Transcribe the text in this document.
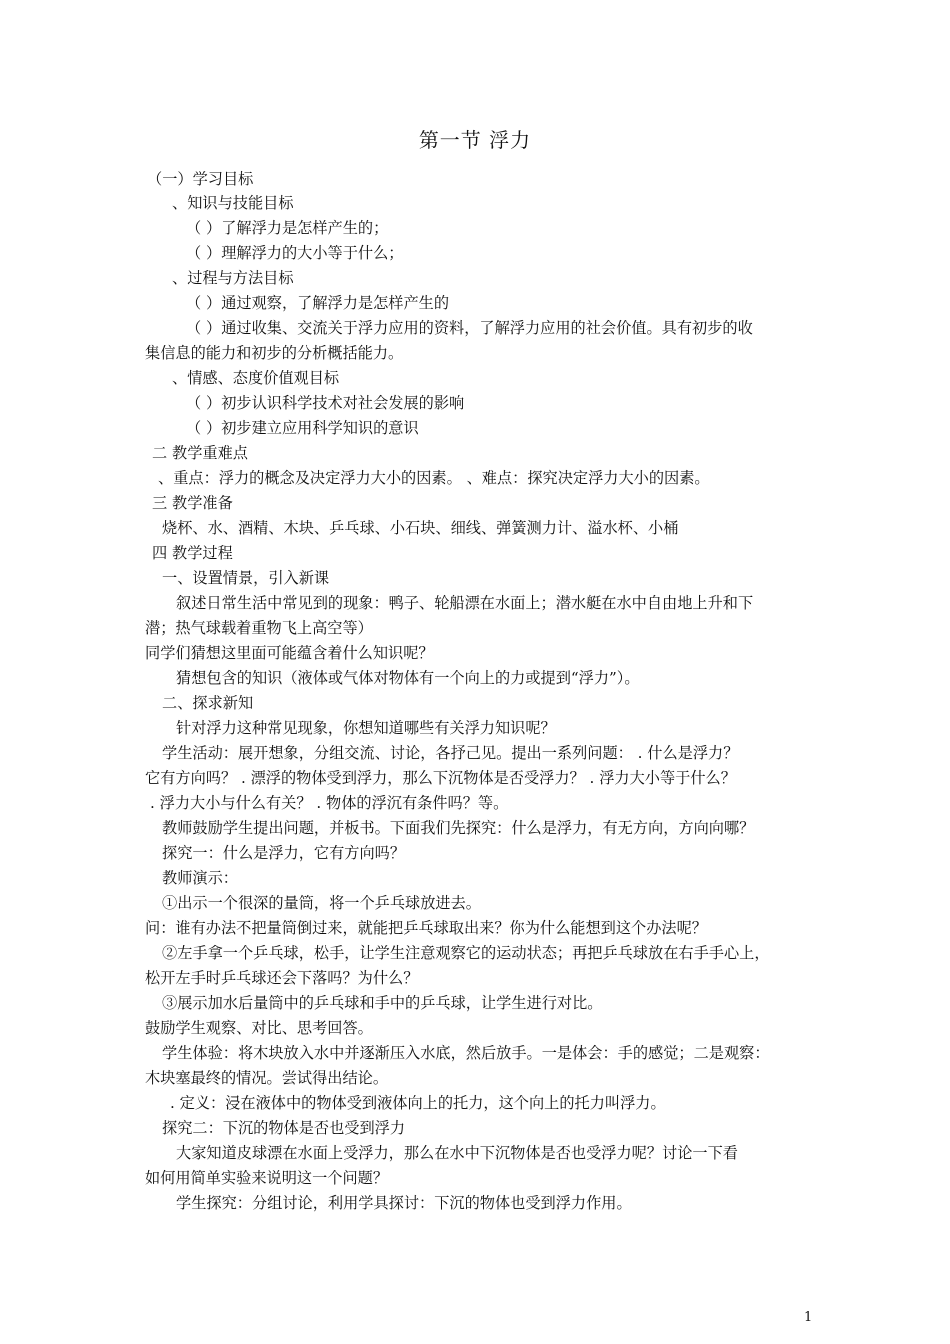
第一节 浮力
（一）学习目标
、知识与技能目标
（ ）了解浮力是怎样产生的；
（ ）理解浮力的大小等于什么；
、过程与方法目标
（ ）通过观察，了解浮力是怎样产生的
（ ）通过收集、交流关于浮力应用的资料，了解浮力应用的社会价值。具有初步的收
集信息的能力和初步的分析概括能力。
、情感、态度价值观目标
（ ）初步认识科学技术对社会发展的影响
（ ）初步建立应用科学知识的意识
二 教学重难点
、重点：浮力的概念及决定浮力大小的因素。 、难点：探究决定浮力大小的因素。
三 教学准备
烧杯、水、酒精、木块、乒乓球、小石块、细线、弹簧测力计、溢水杯、小桶
四 教学过程
一、设置情景，引入新课
叙述日常生活中常见到的现象：鸭子、轮船漂在水面上；潜水艇在水中自由地上升和下
潜；热气球载着重物飞上高空等）
同学们猜想这里面可能蕴含着什么知识呢？
猜想包含的知识（液体或气体对物体有一个向上的力或提到“浮力”）。
二、探求新知
针对浮力这种常见现象，你想知道哪些有关浮力知识呢？
学生活动：展开想象，分组交流、讨论，各抒己见。提出一系列问题： . 什么是浮力？
它有方向吗？ . 漂浮的物体受到浮力，那么下沉物体是否受浮力？ . 浮力大小等于什么？
. 浮力大小与什么有关？ . 物体的浮沉有条件吗？等。
教师鼓励学生提出问题，并板书。下面我们先探究：什么是浮力，有无方向，方向向哪？
探究一：什么是浮力，它有方向吗？
教师演示：
①出示一个很深的量筒，将一个乒乓球放进去。
问：谁有办法不把量筒倒过来，就能把乒乓球取出来？你为什么能想到这个办法呢？
②左手拿一个乒乓球，松手，让学生注意观察它的运动状态；再把乒乓球放在右手手心上，
松开左手时乒乓球还会下落吗？为什么？
③展示加水后量筒中的乒乓球和手中的乒乓球，让学生进行对比。
鼓励学生观察、对比、思考回答。
学生体验：将木块放入水中并逐渐压入水底，然后放手。一是体会：手的感觉；二是观察：
木块塞最终的情况。尝试得出结论。
. 定义：浸在液体中的物体受到液体向上的托力，这个向上的托力叫浮力。
探究二：下沉的物体是否也受到浮力
大家知道皮球漂在水面上受浮力，那么在水中下沉物体是否也受浮力呢？讨论一下看
如何用简单实验来说明这一个问题？
学生探究：分组讨论，利用学具探讨：下沉的物体也受到浮力作用。
1
